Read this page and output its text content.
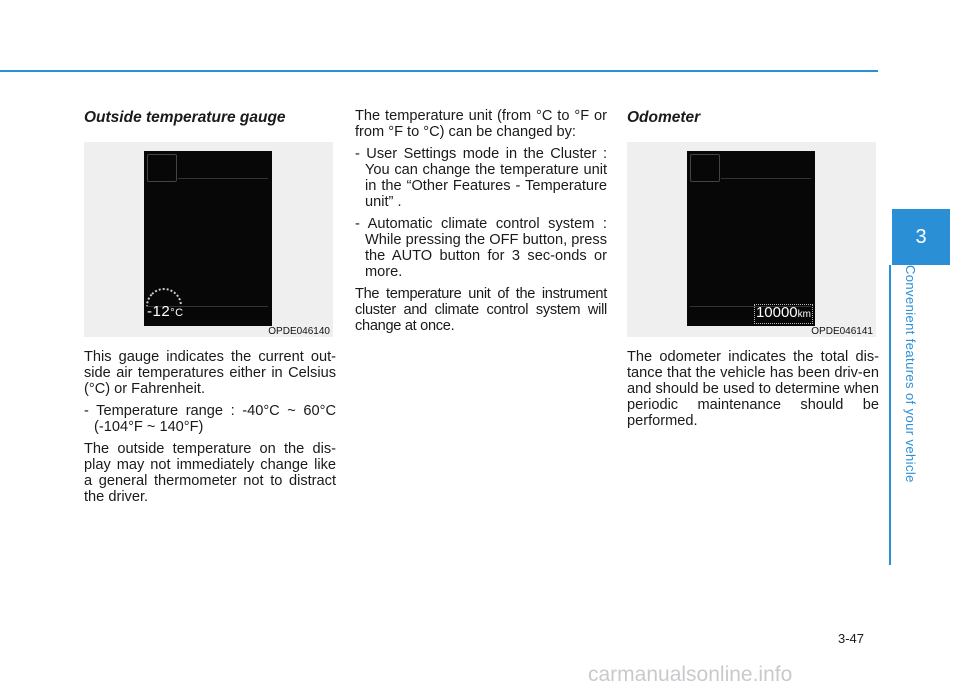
Outside temperature gauge
-12°C
OPDE046140

This gauge indicates the current out-side air temperatures either in Celsius (°C) or Fahrenheit.

- Temperature range : -40°C ~ 60°C (-104°F ~ 140°F)

The outside temperature on the dis-play may not immediately change like a general thermometer not to distract the driver.

The temperature unit (from °C to °F or from °F to °C) can be changed by:

- User Settings mode in the Cluster : You can change the temperature unit in the “Other Features - Temperature unit” .

- Automatic climate control system : While pressing the OFF button, press the AUTO button for 3 sec-onds or more.

The temperature unit of the instrument cluster and climate control system will change at once.

Odometer
10000km
OPDE046141

The odometer indicates the total dis-tance that the vehicle has been driv-en and should be used to determine when periodic maintenance should be performed.

3
Convenient features of your vehicle
3-47
carmanualsonline.info
